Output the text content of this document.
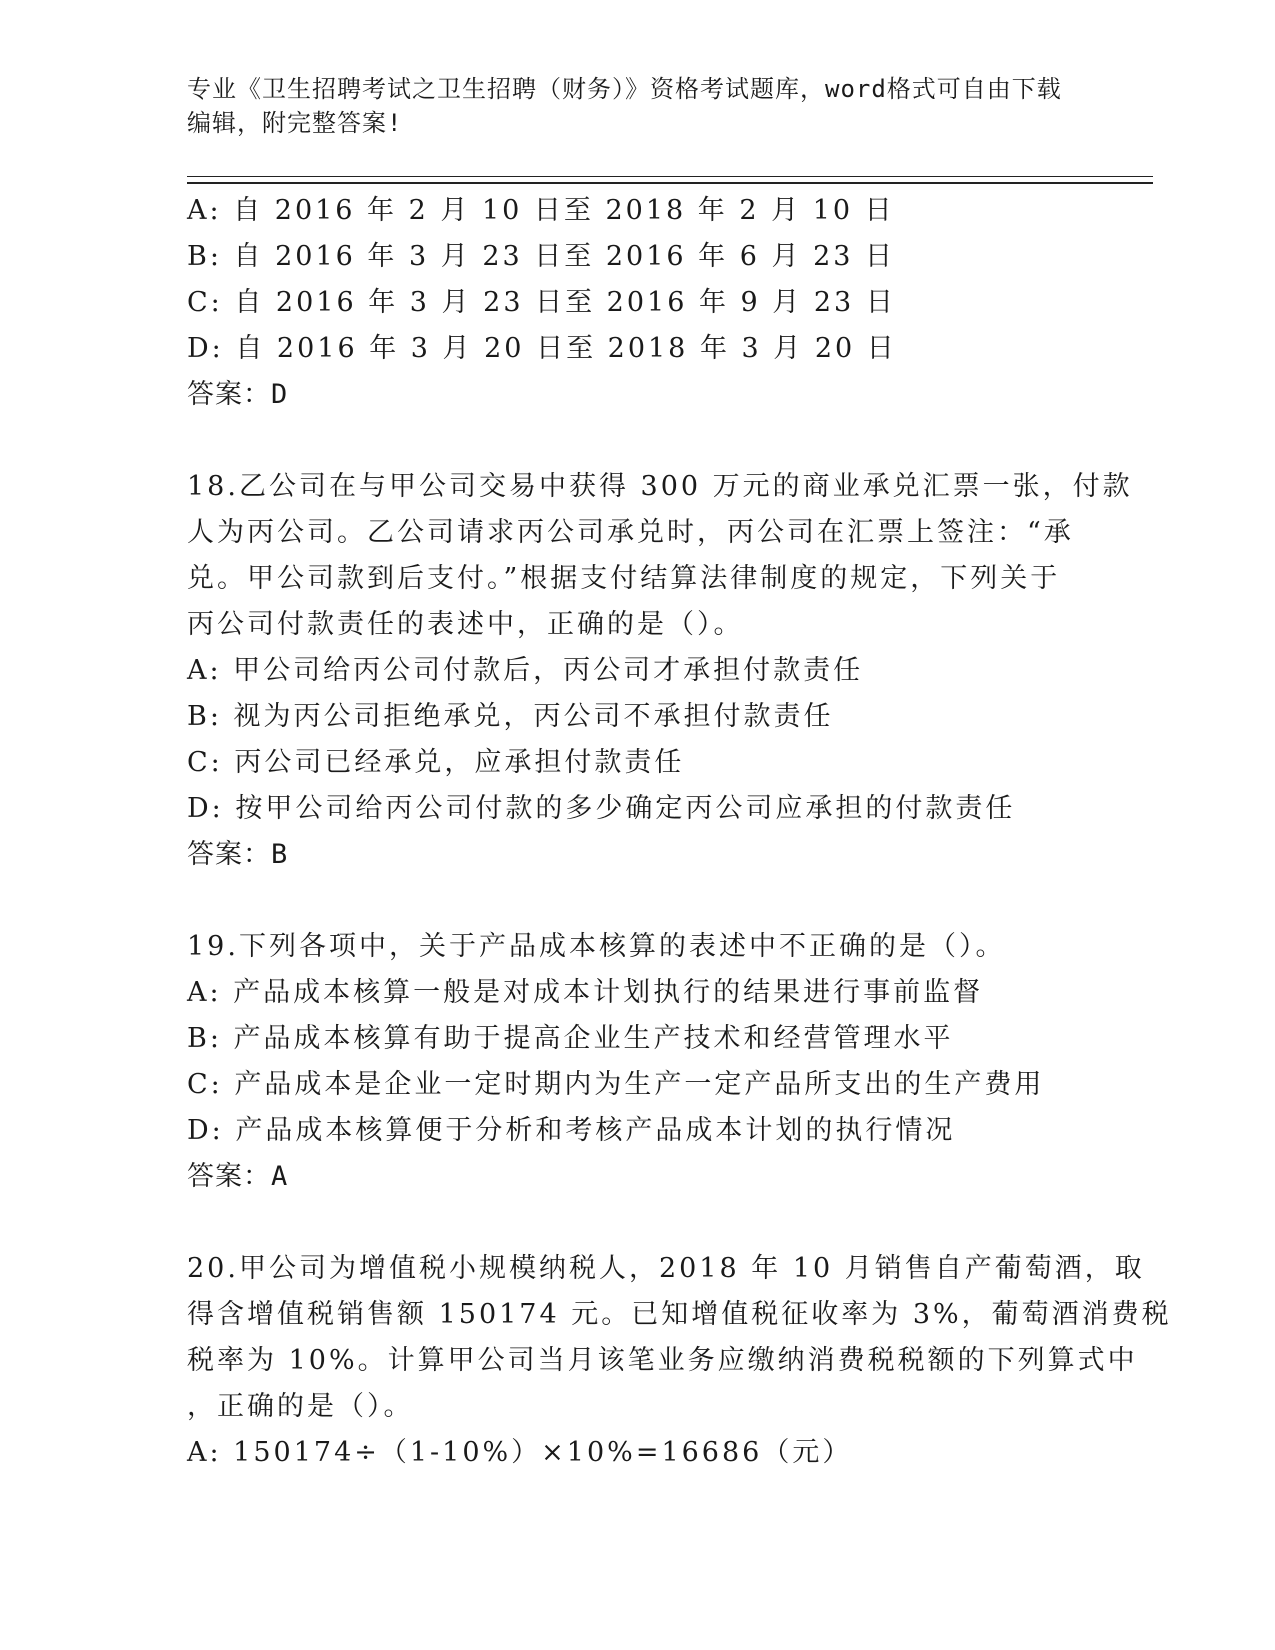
专业《卫生招聘考试之卫生招聘（财务）》资格考试题库，word格式可自由下载
编辑，附完整答案!
A: 自 2016 年 2 月 10 日至 2018 年 2 月 10 日
B: 自 2016 年 3 月 23 日至 2016 年 6 月 23 日
C: 自 2016 年 3 月 23 日至 2016 年 9 月 23 日
D: 自 2016 年 3 月 20 日至 2018 年 3 月 20 日
答案：D
18.乙公司在与甲公司交易中获得 300 万元的商业承兑汇票一张，付款
人为丙公司。乙公司请求丙公司承兑时，丙公司在汇票上签注：“承
兑。甲公司款到后支付。”根据支付结算法律制度的规定，下列关于
丙公司付款责任的表述中，正确的是（）。
A: 甲公司给丙公司付款后，丙公司才承担付款责任
B: 视为丙公司拒绝承兑，丙公司不承担付款责任
C: 丙公司已经承兑，应承担付款责任
D: 按甲公司给丙公司付款的多少确定丙公司应承担的付款责任
答案：B
19.下列各项中，关于产品成本核算的表述中不正确的是（）。
A: 产品成本核算一般是对成本计划执行的结果进行事前监督
B: 产品成本核算有助于提高企业生产技术和经营管理水平
C: 产品成本是企业一定时期内为生产一定产品所支出的生产费用
D: 产品成本核算便于分析和考核产品成本计划的执行情况
答案：A
20.甲公司为增值税小规模纳税人，2018 年 10 月销售自产葡萄酒，取
得含增值税销售额 150174 元。已知增值税征收率为 3%，葡萄酒消费税
税率为 10%。计算甲公司当月该笔业务应缴纳消费税税额的下列算式中
，正确的是（）。
A: 150174÷（1-10%）×10%=16686（元）
